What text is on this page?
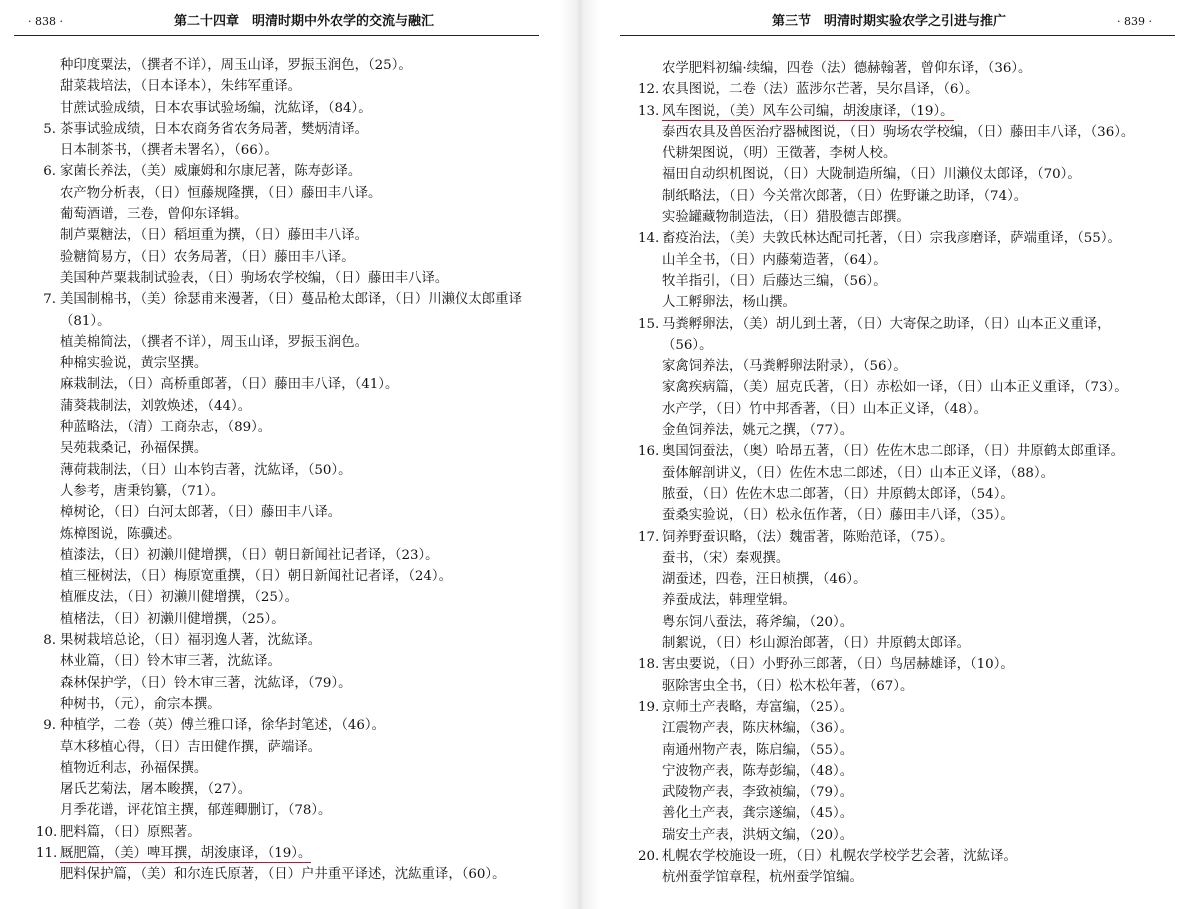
· 838 ·	第二十四章　明清时期中外农学的交流与融汇
种印度粟法，（撰者不详），周玉山译，罗振玉润色，（25）。
甜菜栽培法，（日本译本），朱纬军重译。
甘蔗试验成绩，日本农事试验场编，沈紘译，（84）。
5. 茶事试验成绩，日本农商务省农务局著，樊炳清译。
日本制茶书，（撰者未署名），（66）。
6. 家菌长养法，（美）威廉姆和尔康尼著，陈寿彭译。
农产物分析表，（日）恒藤规隆撰，（日）藤田丰八译。
葡萄酒谱，三卷，曾仰东译辑。
制芦粟糖法，（日）稻垣重为撰，（日）藤田丰八译。
验糖简易方，（日）农务局著，（日）藤田丰八译。
美国种芦粟栽制试验表，（日）驹场农学校编，（日）藤田丰八译。
7. 美国制棉书，（美）徐瑟甫来漫著，（日）蔓品枪太郎译，（日）川濑仪太郎重译
（81）。
植美棉简法，（撰者不详），周玉山译，罗振玉润色。
种棉实验说，黄宗坚撰。
麻栽制法，（日）高桥重郎著，（日）藤田丰八译，（41）。
蒲葵栽制法，刘敦焕述，（44）。
种蓝略法，（清）工商杂志，（89）。
吴苑栽桑记，孙福保撰。
薄荷栽制法，（日）山本钧吉著，沈紘译，（50）。
人参考，唐秉钧纂，（71）。
樟树论，（日）白河太郎著，（日）藤田丰八译。
炼樟图说，陈骥述。
植漆法，（日）初濑川健增撰，（日）朝日新闻社记者译，（23）。
植三桠树法，（日）梅原宽重撰，（日）朝日新闻社记者译，（24）。
植雁皮法，（日）初濑川健增撰，（25）。
植楮法，（日）初濑川健增撰，（25）。
8. 果树栽培总论，（日）福羽逸人著，沈紘译。
林业篇，（日）铃木审三著，沈紘译。
森林保护学，（日）铃木审三著，沈紘译，（79）。
种树书，（元），俞宗本撰。
9. 种植学，二卷（英）傅兰雅口译，徐华封笔述，（46）。
草木移植心得，（日）吉田健作撰，萨端译。
植物近利志，孙福保撰。
屠氏艺菊法，屠本畯撰，（27）。
月季花谱，评花馆主撰，郁莲卿删订，（78）。
10. 肥料篇，（日）原熙著。
11. 厩肥篇，（美）啤耳撰，胡浚康译，（19）。
肥料保护篇，（美）和尔连氏原著，（日）户井重平译述，沈紘重译，（60）。
第三节　明清时期实验农学之引进与推广	· 839 ·
农学肥料初编·续编，四卷（法）德赫翰著，曾仰东译，（36）。
12. 农具图说，二卷（法）蓝涉尔芒著，吴尔昌译，（6）。
13. 风车图说，（美）风车公司编，胡浚康译，（19）。
泰西农具及兽医治疗器械图说，（日）驹场农学校编，（日）藤田丰八译，（36）。
代耕架图说，（明）王徵著，李树人校。
福田自动织机图说，（日）大陇制造所编，（日）川濑仪太郎译，（70）。
制纸略法，（日）今关常次郎著，（日）佐野谦之助译，（74）。
实验罐藏物制造法，（日）猎股德吉郎撰。
14. 畜疫治法，（美）夫敦氏林达配司托著，（日）宗我彦磨译，萨端重译，（55）。
山羊全书，（日）内藤菊造著，（64）。
牧羊指引，（日）后藤达三编，（56）。
人工孵卵法，杨山撰。
15. 马粪孵卵法，（美）胡儿到土著，（日）大寄保之助译，（日）山本正义重译，
（56）。
家禽饲养法，（马粪孵卵法附录），（56）。
家禽疾病篇，（美）屈克氏著，（日）赤松如一译，（日）山本正义重译，（73）。
水产学，（日）竹中邦香著，（日）山本正义译，（48）。
金鱼饲养法，姚元之撰，（77）。
16. 奥国饲蚕法，（奥）哈昂五著，（日）佐佐木忠二郎译，（日）井原鹤太郎重译。
蚕体解剖讲义，（日）佐佐木忠二郎述，（日）山本正义译，（88）。
脓蚕，（日）佐佐木忠二郎著，（日）井原鹤太郎译，（54）。
蚕桑实验说，（日）松永伍作著，（日）藤田丰八译，（35）。
17. 饲养野蚕识略，（法）魏雷著，陈贻范译，（75）。
蚕书，（宋）秦观撰。
湖蚕述，四卷，汪日桢撰，（46）。
养蚕成法，韩理堂辑。
粤东饲八蚕法，蒋斧编，（20）。
制絮说，（日）杉山源治郎著，（日）井原鹤太郎译。
18. 害虫要说，（日）小野孙三郎著，（日）鸟居赫雄译，（10）。
驱除害虫全书，（日）松木松年著，（67）。
19. 京师土产表略，寿富编，（25）。
江震物产表，陈庆林编，（36）。
南通州物产表，陈启编，（55）。
宁波物产表，陈寿彭编，（48）。
武陵物产表，李致祯编，（79）。
善化土产表，龚宗遂编，（45）。
瑞安土产表，洪炳文编，（20）。
20. 札幌农学校施设一班，（日）札幌农学校学艺会著，沈紘译。
杭州蚕学馆章程，杭州蚕学馆编。
